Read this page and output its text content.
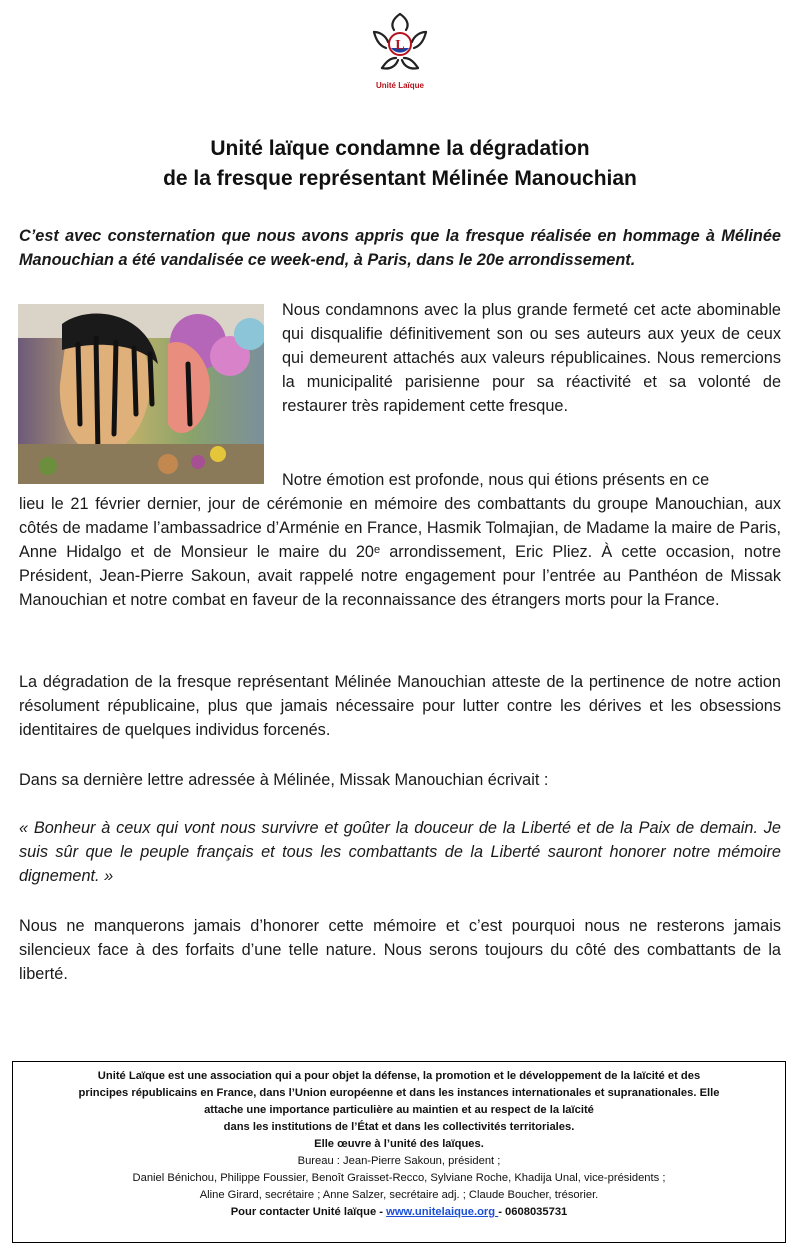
L
Unité Laïque
Unité laïque condamne la dégradation
de la fresque représentant Mélinée Manouchian
C’est avec consternation que nous avons appris que la fresque réalisée en hommage à Mélinée Manouchian a été vandalisée ce week-end, à Paris, dans le 20e arrondissement.
Nous condamnons avec la plus grande fermeté cet acte abominable qui disqualifie définitivement son ou ses auteurs aux yeux de ceux qui demeurent attachés aux valeurs républicaines. Nous remercions la municipalité parisienne pour sa réactivité et sa volonté de restaurer très rapidement cette fresque.
Notre émotion est profonde, nous qui étions présents en ce
lieu le 21 février dernier, jour de cérémonie en mémoire des combattants du groupe Manouchian, aux côtés de madame l’ambassadrice d’Arménie en France, Hasmik Tolmajian, de Madame la maire de Paris, Anne Hidalgo et de Monsieur le maire du 20ᵉ arrondissement, Eric Pliez. À cette occasion, notre Président, Jean-Pierre Sakoun, avait rappelé notre engagement pour l’entrée au Panthéon de Missak Manouchian et notre combat en faveur de la reconnaissance des étrangers morts pour la France.
La dégradation de la fresque représentant Mélinée Manouchian atteste de la pertinence de notre action résolument républicaine, plus que jamais nécessaire pour lutter contre les dérives et les obsessions identitaires de quelques individus forcenés.
Dans sa dernière lettre adressée à Mélinée, Missak Manouchian écrivait :
« Bonheur à ceux qui vont nous survivre et goûter la douceur de la Liberté et de la Paix de demain. Je suis sûr que le peuple français et tous les combattants de la Liberté sauront honorer notre mémoire dignement. »
Nous ne manquerons jamais d’honorer cette mémoire et c’est pourquoi nous ne resterons jamais silencieux face à des forfaits d’une telle nature. Nous serons toujours du côté des combattants de la liberté.
Unité Laïque est une association qui a pour objet la défense, la promotion et le développement de la laïcité et des
principes républicains en France, dans l’Union européenne et dans les instances internationales et supranationales. Elle
attache une importance particulière au maintien et au respect de la laïcité
dans les institutions de l’État et dans les collectivités territoriales.
Elle œuvre à l’unité des laïques.
Bureau : Jean-Pierre Sakoun, président ;
Daniel Bénichou, Philippe Foussier, Benoît Graisset-Recco, Sylviane Roche, Khadija Unal, vice-présidents ;
Aline Girard, secrétaire ; Anne Salzer, secrétaire adj. ; Claude Boucher, trésorier.
Pour contacter Unité laïque - www.unitelaique.org - 0608035731
